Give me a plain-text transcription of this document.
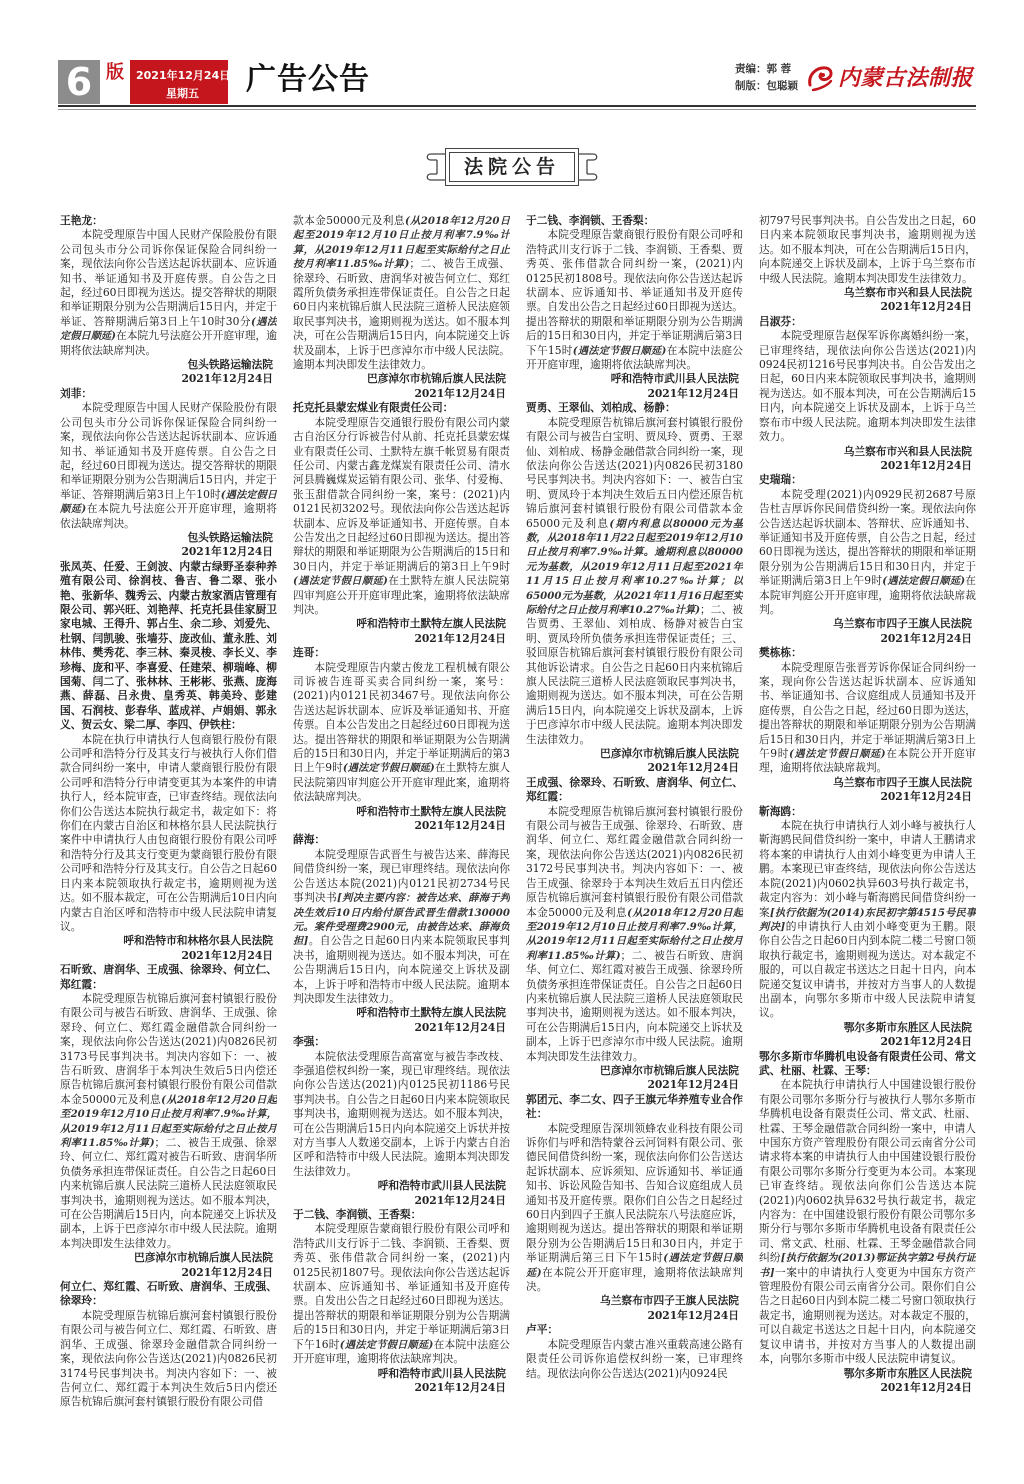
6 版 2021年12月24日
星期五 广告公告	责编：郭 蓉
制版：包聪颖 内蒙古法制报
法院公告

王艳龙：

本院受理原告中国人民财产保险股份有限公司包头市分公司诉你保证保险合同纠纷一案，现依法向你公告送达起诉状副本、应诉通知书、举证通知书及开庭传票。自公告之日起，经过60日即视为送达。提交答辩状的期限和举证期限分别为公告期满后15日内，并定于举证、答辩期满后第3日上午10时30分(遇法定假日顺延)在本院九号法庭公开开庭审理，逾期将依法缺席判决。

包头铁路运输法院

2021年12月24日

刘菲：

本院受理原告中国人民财产保险股份有限公司包头市分公司诉你保证保险合同纠纷一案，现依法向你公告送达起诉状副本、应诉通知书、举证通知书及开庭传票。自公告之日起，经过60日即视为送达。提交答辩状的期限和举证期限分别为公告期满后15日内，并定于举证、答辩期满后第3日上午10时(遇法定假日顺延)在本院九号法庭公开开庭审理，逾期将依法缺席判决。

包头铁路运输法院

2021年12月24日

张凤英、任爱、王剑波、内蒙古绿野圣泰种养殖有限公司、徐润枝、鲁吉、鲁二翠、张小艳、张新华、魏秀云、内蒙古敖家酒店管理有限公司、郭兴旺、刘艳萍、托克托县佳家厨卫家电城、王得升、郭占生、余二珍、刘爱先、杜钢、闫凯骏、张墙芬、庞改仙、董永胜、刘林伟、樊秀花、李三林、秦灵梭、李长义、李珍梅、庞和平、李喜爱、任建荣、柳瑞峰、柳国菊、闫二了、张林林、王彬彬、张燕、庞海燕、薛磊、吕永贵、皇秀英、韩美玲、彭建国、石润枝、彭春华、蓝成祥、卢娟娟、郭永义、贺云女、梁二厚、李四、伊铁柱：

本院在执行申请执行人包商银行股份有限公司呼和浩特分行及其支行与被执行人你们借款合同纠纷一案中，申请人蒙商银行股份有限公司呼和浩特分行申请变更其为本案件的申请执行人，经本院审查，已审查终结。现依法向你们公告送达本院执行裁定书，裁定如下：将你们在内蒙古自治区和林格尔县人民法院执行案件中申请执行人由包商银行股份有限公司呼和浩特分行及其支行变更为蒙商银行股份有限公司呼和浩特分行及其支行。自公告之日起60日内来本院领取执行裁定书，逾期则视为送达。如不服本裁定，可在公告期满后10日内向内蒙古自治区呼和浩特市中级人民法院申请复议。

呼和浩特市和林格尔县人民法院

2021年12月24日

石昕致、唐润华、王成强、徐翠玲、何立仁、郑红霞：

本院受理原告杭锦后旗河套村镇银行股份有限公司与被告石昕致、唐润华、王成强、徐翠玲、何立仁、郑红霞金融借款合同纠纷一案，现依法向你公告送达(2021)内0826民初3173号民事判决书。判决内容如下：一、被告石昕致、唐润华于本判决生效后5日内偿还原告杭锦后旗河套村镇银行股份有限公司借款本金50000元及利息(从2018年12月20日起至2019年12月10日止按月利率7.9‰计算，从2019年12月11日起至实际给付之日止按月利率11.85‰计算)；二、被告王成强、徐翠玲、何立仁、郑红霞对被告石昕致、唐润华所负债务承担连带保证责任。自公告之日起60日内来杭锦后旗人民法院三道桥人民法庭领取民事判决书，逾期则视为送达。如不服本判决，可在公告期满后15日内，向本院递交上诉状及副本，上诉于巴彦淖尔市中级人民法院。逾期本判决即发生法律效力。

巴彦淖尔市杭锦后旗人民法院

2021年12月24日

何立仁、郑红霞、石昕致、唐润华、王成强、徐翠玲：

本院受理原告杭锦后旗河套村镇银行股份有限公司与被告何立仁、郑红霞、石昕致、唐润华、王成强、徐翠玲金融借款合同纠纷一案，现依法向你公告送达(2021)内0826民初3174号民事判决书。判决内容如下：一、被告何立仁、郑红霞于本判决生效后5日内偿还原告杭锦后旗河套村镇银行股份有限公司借

款本金50000元及利息(从2018年12月20日起至2019年12月10日止按月利率7.9‰计算，从2019年12月11日起至实际给付之日止按月利率11.85‰计算)；二、被告王成强、徐翠玲、石昕致、唐润华对被告何立仁、郑红霞所负债务承担连带保证责任。自公告之日起60日内来杭锦后旗人民法院三道桥人民法庭领取民事判决书，逾期则视为送达。如不服本判决，可在公告期满后15日内，向本院递交上诉状及副本，上诉于巴彦淖尔市中级人民法院。逾期本判决即发生法律效力。

巴彦淖尔市杭锦后旗人民法院

2021年12月24日

托克托县蒙宏煤业有限责任公司：

本院受理原告交通银行股份有限公司内蒙古自治区分行诉被告付从前、托克托县蒙宏煤业有限责任公司、土默特左旗千帐贸易有限责任公司、内蒙古鑫龙煤炭有限责任公司、清水河县腾巍煤炭运销有限公司、张华、付爱梅、张玉甜借款合同纠纷一案，案号：(2021)内0121民初3202号。现依法向你公告送达起诉状副本、应诉及举证通知书、开庭传票。自本公告发出之日起经过60日即视为送达。提出答辩状的期限和举证期限为公告期满后的15日和30日内，并定于举证期满后的第3日上午9时(遇法定节假日顺延)在土默特左旗人民法院第四审判庭公开开庭审理此案，逾期将依法缺席判决。

呼和浩特市土默特左旗人民法院

2021年12月24日

连哥：

本院受理原告内蒙古俊龙工程机械有限公司诉被告连哥买卖合同纠纷一案，案号：(2021)内0121民初3467号。现依法向你公告送达起诉状副本、应诉及举证通知书、开庭传票。自本公告发出之日起经过60日即视为送达。提出答辩状的期限和举证期限为公告期满后的15日和30日内，并定于举证期满后的第3日上午9时(遇法定节假日顺延)在土默特左旗人民法院第四审判庭公开开庭审理此案，逾期将依法缺席判决。

呼和浩特市土默特左旗人民法院

2021年12月24日

薛海：

本院受理原告武晋生与被告达来、薛海民间借贷纠纷一案，现已审理终结。现依法向你公告送达本院(2021)内0121民初2734号民事判决书[判决主要内容：被告达来、薛海于判决生效后10日内给付原告武晋生借款130000元。案件受理费2900元，由被告达来、薛海负担]。自公告之日起60日内来本院领取民事判决书，逾期则视为送达。如不服本判决，可在公告期满后15日内，向本院递交上诉状及副本，上诉于呼和浩特市中级人民法院。逾期本判决即发生法律效力。

呼和浩特市土默特左旗人民法院

2021年12月24日

李强：

本院依法受理原告高富宽与被告李改枝、李强追偿权纠纷一案，现已审理终结。现依法向你公告送达(2021)内0125民初1186号民事判决书。自公告之日起60日内来本院领取民事判决书，逾期则视为送达。如不服本判决，可在公告期满后15日内向本院递交上诉状并按对方当事人人数递交副本，上诉于内蒙古自治区呼和浩特市中级人民法院。逾期本判决即发生法律效力。

呼和浩特市武川县人民法院

2021年12月24日

于二钱、李润锁、王香梨：

本院受理原告蒙商银行股份有限公司呼和浩特武川支行诉于二钱、李润锁、王香梨、贾秀英、张伟借款合同纠纷一案，(2021)内0125民初1807号。现依法向你公告送达起诉状副本、应诉通知书、举证通知书及开庭传票。自发出公告之日起经过60日即视为送达。提出答辩状的期限和举证期限分别为公告期满后的15日和30日内，并定于举证期满后第3日下午16时(遇法定节假日顺延)在本院中法庭公开开庭审理，逾期将依法缺席判决。

呼和浩特市武川县人民法院

2021年12月24日

于二钱、李润锁、王香梨：

本院受理原告蒙商银行股份有限公司呼和浩特武川支行诉于二钱、李润锁、王香梨、贾秀英、张伟借款合同纠纷一案，(2021)内0125民初1808号。现依法向你公告送达起诉状副本、应诉通知书、举证通知书及开庭传票。自发出公告之日起经过60日即视为送达。提出答辩状的期限和举证期限分别为公告期满后的15日和30日内，并定于举证期满后第3日下午15时(遇法定节假日顺延)在本院中法庭公开开庭审理，逾期将依法缺席判决。

呼和浩特市武川县人民法院

2021年12月24日

贾勇、王翠仙、刘柏成、杨静：

本院受理原告杭锦后旗河套村镇银行股份有限公司与被告白宝明、贾凤玲、贾勇、王翠仙、刘柏成、杨静金融借款合同纠纷一案，现依法向你公告送达(2021)内0826民初3180号民事判决书。判决内容如下：一、被告白宝明、贾凤玲于本判决生效后五日内偿还原告杭锦后旗河套村镇银行股份有限公司借款本金65000元及利息(期内利息以80000元为基数，从2018年11月22日起至2019年12月10日止按月利率7.9‰计算。逾期利息以80000元为基数，从2019年12月11日起至2021年11月15日止按月利率10.27‰计算；以65000元为基数，从2021年11月16日起至实际给付之日止按月利率10.27‰计算)；二、被告贾勇、王翠仙、刘柏成、杨静对被告白宝明、贾凤玲所负债务承担连带保证责任；三、驳回原告杭锦后旗河套村镇银行股份有限公司其他诉讼请求。自公告之日起60日内来杭锦后旗人民法院三道桥人民法庭领取民事判决书，逾期则视为送达。如不服本判决，可在公告期满后15日内，向本院递交上诉状及副本，上诉于巴彦淖尔市中级人民法院。逾期本判决即发生法律效力。

巴彦淖尔市杭锦后旗人民法院

2021年12月24日

王成强、徐翠玲、石昕致、唐润华、何立仁、郑红霞：

本院受理原告杭锦后旗河套村镇银行股份有限公司与被告王成强、徐翠玲、石昕致、唐润华、何立仁、郑红霞金融借款合同纠纷一案，现依法向你公告送达(2021)内0826民初3172号民事判决书。判决内容如下：一、被告王成强、徐翠玲于本判决生效后五日内偿还原告杭锦后旗河套村镇银行股份有限公司借款本金50000元及利息(从2018年12月20日起至2019年12月10日止按月利率7.9‰计算，从2019年12月11日起至实际给付之日止按月利率11.85‰计算)；二、被告石昕致、唐润华、何立仁、郑红霞对被告王成强、徐翠玲所负债务承担连带保证责任。自公告之日起60日内来杭锦后旗人民法院三道桥人民法庭领取民事判决书，逾期则视为送达。如不服本判决，可在公告期满后15日内，向本院递交上诉状及副本，上诉于巴彦淖尔市中级人民法院。逾期本判决即发生法律效力。

巴彦淖尔市杭锦后旗人民法院

2021年12月24日

郭团元、李二女、四子王旗元华养殖专业合作社：

本院受理原告深圳领蜂农业科技有限公司诉你们与呼和浩特蒙谷云河饲料有限公司、张德民间借贷纠纷一案，现依法向你们公告送达起诉状副本、应诉须知、应诉通知书、举证通知书、诉讼风险告知书、告知合议庭组成人员通知书及开庭传票。限你们自公告之日起经过60日内到四子王旗人民法院东八号法庭应诉，逾期则视为送达。提出答辩状的期限和举证期限分别为公告期满后15日和30日内，并定于举证期满后第三日下午15时(遇法定节假日顺延)在本院公开开庭审理，逾期将依法缺席判决。

乌兰察布市四子王旗人民法院

2021年12月24日

卢平：

本院受理原告内蒙古准兴重载高速公路有限责任公司诉你追偿权纠纷一案，已审理终结。现依法向你公告送达(2021)内0924民

初797号民事判决书。自公告发出之日起，60日内来本院领取民事判决书，逾期则视为送达。如不服本判决，可在公告期满后15日内，向本院递交上诉状及副本，上诉于乌兰察布市中级人民法院。逾期本判决即发生法律效力。

乌兰察布市兴和县人民法院

2021年12月24日

吕淑芬：

本院受理原告赵保军诉你离婚纠纷一案，已审理终结，现依法向你公告送达(2021)内0924民初1216号民事判决书。自公告发出之日起，60日内来本院领取民事判决书，逾期则视为送达。如不服本判决，可在公告期满后15日内，向本院递交上诉状及副本，上诉于乌兰察布市中级人民法院。逾期本判决即发生法律效力。

乌兰察布市兴和县人民法院

2021年12月24日

史瑞瑞：

本院受理(2021)内0929民初2687号原告杜吉厚诉你民间借贷纠纷一案。现依法向你公告送达起诉状副本、答辩状、应诉通知书、举证通知书及开庭传票，自公告之日起，经过60日即视为送达，提出答辩状的期限和举证期限分别为公告期满后15日和30日内，并定于举证期满后第3日上午9时(遇法定假日顺延)在本院审判庭公开开庭审理，逾期将依法缺席裁判。

乌兰察布市四子王旗人民法院

2021年12月24日

樊栋栋：

本院受理原告张晋芳诉你保证合同纠纷一案，现向你公告送达起诉状副本、应诉通知书、举证通知书、合议庭组成人员通知书及开庭传票，自公告之日起，经过60日即为送达，提出答辩状的期限和举证期限分别为公告期满后15日和30日内，并定于举证期满后第3日上午9时(遇法定节假日顺延)在本院公开开庭审理，逾期将依法缺席裁判。

乌兰察布市四子王旗人民法院

2021年12月24日

靳海鸥：

本院在执行申请执行人刘小峰与被执行人靳海鸥民间借贷纠纷一案中，申请人王鹏请求将本案的申请执行人由刘小峰变更为申请人王鹏。本案现已审查终结，现依法向你公告送达本院(2021)内0602执异603号执行裁定书，裁定内容为：刘小峰与靳海鸥民间借贷纠纷一案[执行依据为(2014)东民初字第4515号民事判决]的申请执行人由刘小峰变更为王鹏。限你自公告之日起60日内到本院二楼二号窗口领取执行裁定书，逾期则视为送达。对本裁定不服的，可以自裁定书送达之日起十日内，向本院递交复议申请书，并按对方当事人的人数提出副本，向鄂尔多斯市中级人民法院申请复议。

鄂尔多斯市东胜区人民法院

2021年12月24日

鄂尔多斯市华腾机电设备有限责任公司、常文武、杜丽、杜霖、王琴：

在本院执行申请执行人中国建设银行股份有限公司鄂尔多斯分行与被执行人鄂尔多斯市华腾机电设备有限责任公司、常文武、杜丽、杜霖、王琴金融借款合同纠纷一案中，申请人中国东方资产管理股份有限公司云南省分公司请求将本案的申请执行人由中国建设银行股份有限公司鄂尔多斯分行变更为本公司。本案现已审查终结。现依法向你们公告送达本院(2021)内0602执异632号执行裁定书，裁定内容为：在中国建设银行股份有限公司鄂尔多斯分行与鄂尔多斯市华腾机电设备有限责任公司、常文武、杜丽、杜霖、王琴金融借款合同纠纷[执行依据为(2013)鄂证执字第2号执行证书]一案中的申请执行人变更为中国东方资产管理股份有限公司云南省分公司。限你们自公告之日起60日内到本院二楼二号窗口领取执行裁定书，逾期则视为送达。对本裁定不服的，可以自裁定书送达之日起十日内，向本院递交复议申请书，并按对方当事人的人数提出副本，向鄂尔多斯市中级人民法院申请复议。

鄂尔多斯市东胜区人民法院

2021年12月24日
